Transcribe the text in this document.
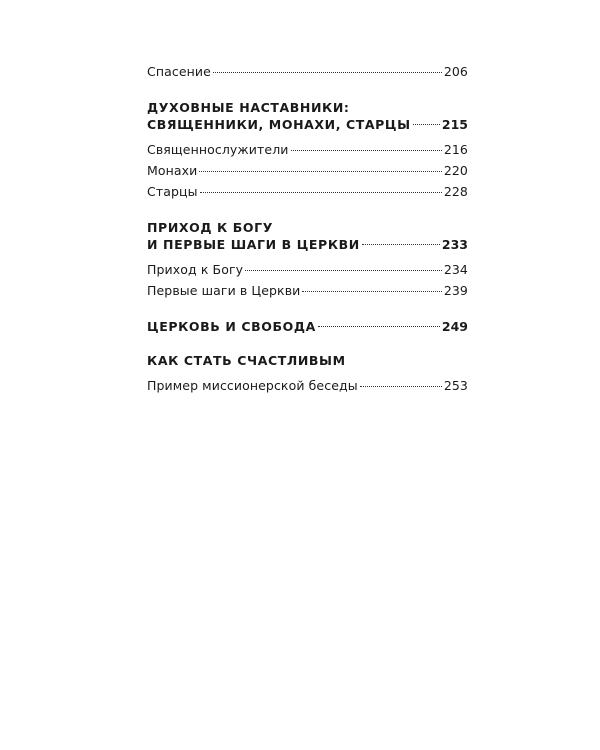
Спасение	206
ДУХОВНЫЕ НАСТАВНИКИ:
СВЯЩЕННИКИ, МОНАХИ, СТАРЦЫ 215
Священнослужители	216
Монахи	220
Старцы	228
ПРИХОД К БОГУ
И ПЕРВЫЕ ШАГИ В ЦЕРКВИ	233
Приход к Богу	234
Первые шаги в Церкви	239
ЦЕРКОВЬ И СВОБОДА	249
КАК СТАТЬ СЧАСТЛИВЫМ
Пример миссионерской беседы	253
